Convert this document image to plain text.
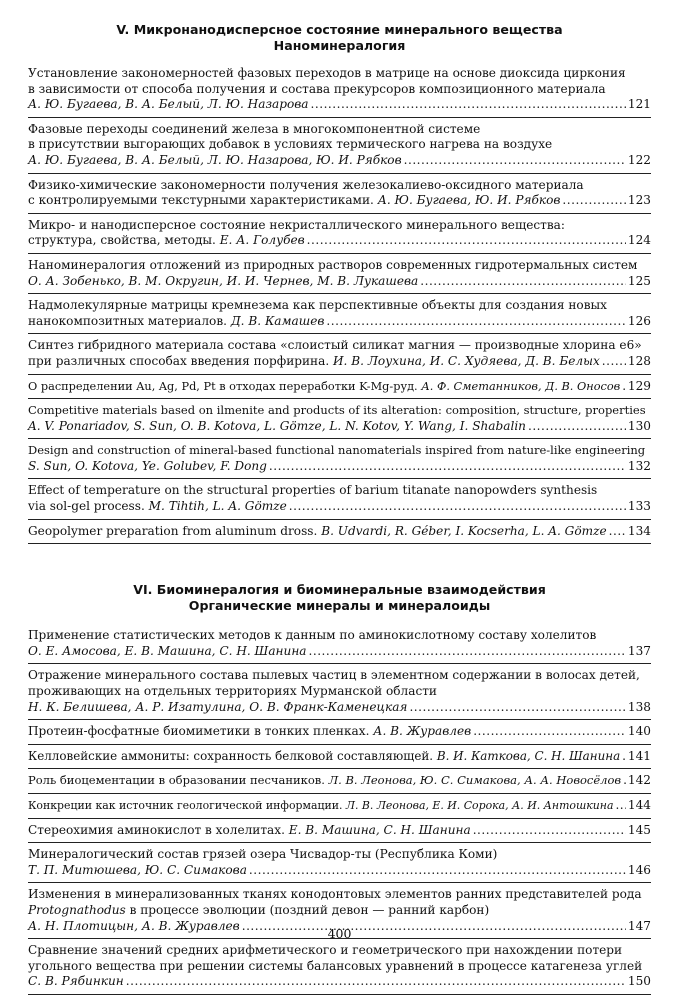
V. Микронанодисперсное состояние минерального вещества
Наноминералогия
Установление закономерностей фазовых переходов в матрице на основе диоксида циркония
в зависимости от способа получения и состава прекурсоров композиционного материала
А. Ю. Бугаева, В. А. Белый, Л. Ю. Назарова .....	121
Фазовые переходы соединений железа в многокомпонентной системе
в присутствии выгорающих добавок в условиях термического нагрева на воздухе
А. Ю. Бугаева, В. А. Белый, Л. Ю. Назарова, Ю. И. Рябков .....	122
Физико-химические закономерности получения железокалиево-оксидного материала
с контролируемыми текстурными характеристиками. А. Ю. Бугаева, Ю. И. Рябков .....	123
Микро- и нанодисперсное состояние некристаллического минерального вещества:
структура, свойства, методы. Е. А. Голубев .....	124
Наноминералогия отложений из природных растворов современных гидротермальных систем
О. А. Зобенько, В. М. Округин, И. И. Чернев, М. В. Лукашева .....	125
Надмолекулярные матрицы кремнезема как перспективные объекты для создания новых
нанокомпозитных материалов. Д. В. Камашев .....	126
Синтез гибридного материала состава «слоистый силикат магния — производные хлорина е6»
при различных способах введения порфирина. И. В. Лоухина, И. С. Худяева, Д. В. Белых ..... 128
О распределении Au, Ag, Pd, Pt в отходах переработки K-Mg-руд. А. Ф. Сметанников, Д. В. Оносов ..... 129
Competitive materials based on ilmenite and products of its alteration: composition, structure, properties
A. V. Ponariadov, S. Sun, O. B. Kotova, L. Gömze, L. N. Kotov, Y. Wang, I. Shabalin .....	130
Design and construction of mineral-based functional nanomaterials inspired from nature-like engineering
S. Sun, O. Kotova, Ye. Golubev, F. Dong .....	132
Effect of temperature on the structural properties of barium titanate nanopowders synthesis
via sol-gel process. M. Tihtih, L. A. Gömze .....	133
Geopolymer preparation from aluminum dross. B. Udvardi, R. Géber, I. Kocserha, L. A. Gömze ..... 134
VI. Биоминералогия и биоминеральные взаимодействия
Органические минералы и минералоиды
Применение статистических методов к данным по аминокислотному составу холелитов
О. Е. Амосова, Е. В. Машина, С. Н. Шанина .....	137
Отражение минерального состава пылевых частиц в элементном содержании в волосах детей,
проживающих на отдельных территориях Мурманской области
Н. К. Белишева, А. Р. Изатулина, О. В. Франк-Каменецкая .....	138
Протеин-фосфатные биомиметики в тонких пленках. А. В. Журавлев .....	140
Келловейские аммониты: сохранность белковой составляющей. В. И. Каткова, С. Н. Шанина ..... 141
Роль биоцементации в образовании песчаников. Л. В. Леонова, Ю. С. Симакова, А. А. Новосёлов ..... 142
Конкреции как источник геологической информации. Л. В. Леонова, Е. И. Сорока, А. И. Антошкина ..... 144
Стереохимия аминокислот в холелитах. Е. В. Машина, С. Н. Шанина .....	145
Минералогический состав грязей озера Чисвадор-ты (Республика Коми)
Т. П. Митюшева, Ю. С. Симакова .....	146
Изменения в минерализованных тканях конодонтовых элементов ранних представителей рода
Protognathodus в процессе эволюции (поздний девон — ранний карбон)
А. Н. Плотицын, А. В. Журавлев .....	147
Сравнение значений средних арифметического и геометрического при нахождении потери
угольного вещества при решении системы балансовых уравнений в процессе катагенеза углей
С. В. Рябинкин .....	150
400
